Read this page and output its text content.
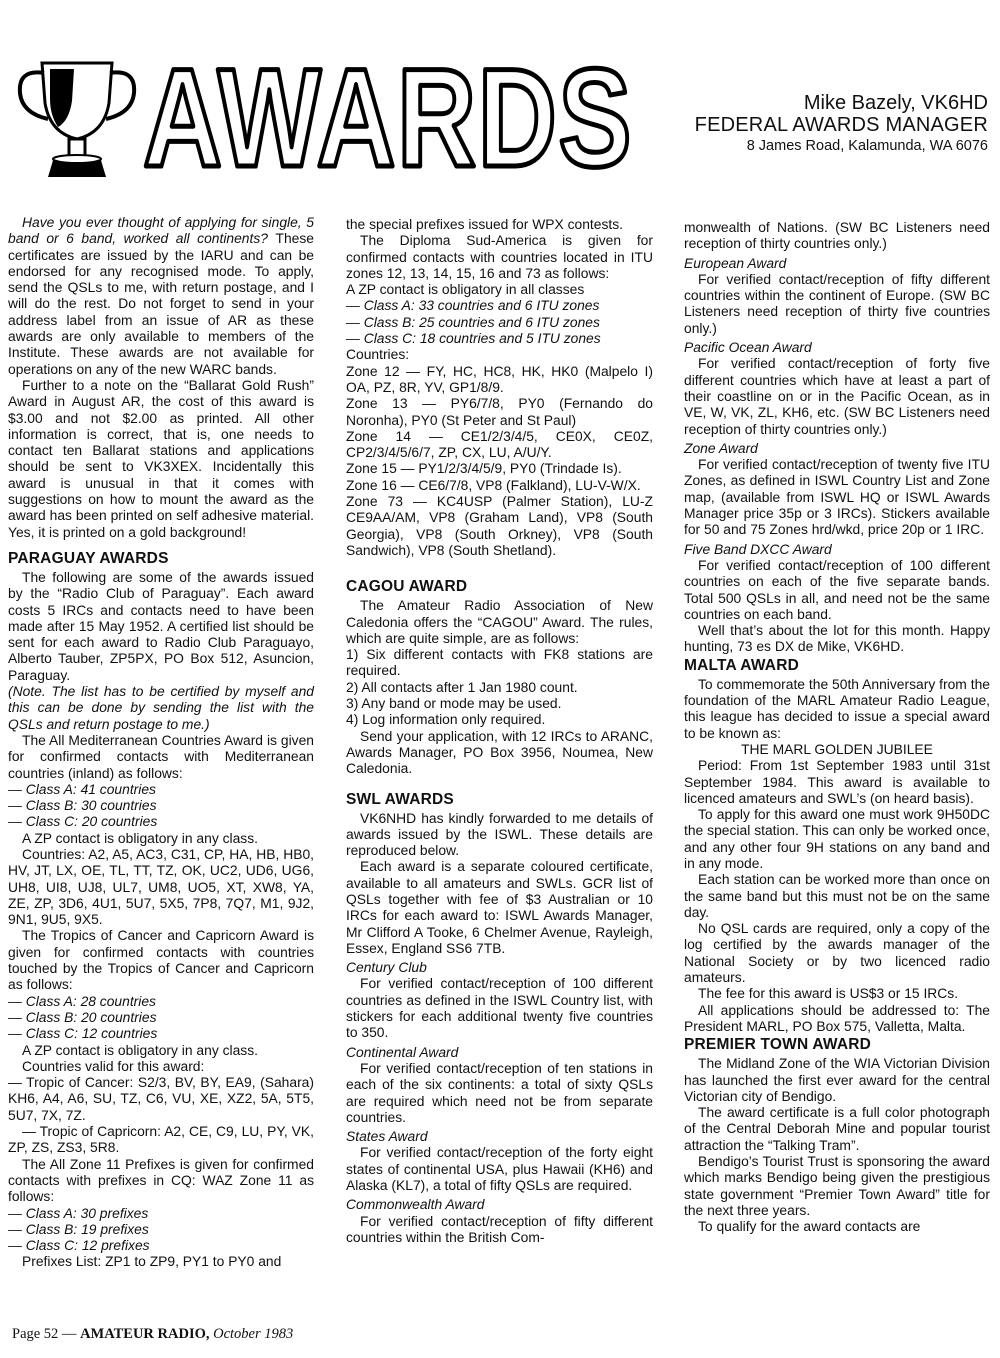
AWARDS	Mike Bazely, VK6HD
FEDERAL AWARDS MANAGER
8 James Road, Kalamunda, WA 6076

Have you ever thought of applying for single, 5 band or 6 band, worked all continents? These certificates are issued by the IARU and can be endorsed for any recognised mode. To apply, send the QSLs to me, with return postage, and I will do the rest. Do not forget to send in your address label from an issue of AR as these awards are only available to members of the Institute. These awards are not available for operations on any of the new WARC bands.

Further to a note on the “Ballarat Gold Rush” Award in August AR, the cost of this award is $3.00 and not $2.00 as printed. All other information is correct, that is, one needs to contact ten Ballarat stations and applications should be sent to VK3XEX. Incidentally this award is unusual in that it comes with suggestions on how to mount the award as the award has been printed on self adhesive material. Yes, it is printed on a gold background!

PARAGUAY AWARDS

The following are some of the awards issued by the “Radio Club of Paraguay”. Each award costs 5 IRCs and contacts need to have been made after 15 May 1952. A certified list should be sent for each award to Radio Club Paraguayo, Alberto Tauber, ZP5PX, PO Box 512, Asuncion, Paraguay.

(Note. The list has to be certified by myself and this can be done by sending the list with the QSLs and return postage to me.)

The All Mediterranean Countries Award is given for confirmed contacts with Mediterranean countries (inland) as follows:

— Class A: 41 countries

— Class B: 30 countries

— Class C: 20 countries

A ZP contact is obligatory in any class.

Countries: A2, A5, AC3, C31, CP, HA, HB, HB0, HV, JT, LX, OE, TL, TT, TZ, OK, UC2, UD6, UG6, UH8, UI8, UJ8, UL7, UM8, UO5, XT, XW8, YA, ZE, ZP, 3D6, 4U1, 5U7, 5X5, 7P8, 7Q7, M1, 9J2, 9N1, 9U5, 9X5.

The Tropics of Cancer and Capricorn Award is given for confirmed contacts with countries touched by the Tropics of Cancer and Capricorn as follows:

— Class A: 28 countries

— Class B: 20 countries

— Class C: 12 countries

A ZP contact is obligatory in any class.

Countries valid for this award:

— Tropic of Cancer: S2/3, BV, BY, EA9, (Sahara) KH6, A4, A6, SU, TZ, C6, VU, XE, XZ2, 5A, 5T5, 5U7, 7X, 7Z.

— Tropic of Capricorn: A2, CE, C9, LU, PY, VK, ZP, ZS, ZS3, 5R8.

The All Zone 11 Prefixes is given for confirmed contacts with prefixes in CQ: WAZ Zone 11 as follows:

— Class A: 30 prefixes

— Class B: 19 prefixes

— Class C: 12 prefixes

Prefixes List: ZP1 to ZP9, PY1 to PY0 and

the special prefixes issued for WPX contests.

The Diploma Sud-America is given for confirmed contacts with countries located in ITU zones 12, 13, 14, 15, 16 and 73 as follows:

A ZP contact is obligatory in all classes

— Class A: 33 countries and 6 ITU zones

— Class B: 25 countries and 6 ITU zones

— Class C: 18 countries and 5 ITU zones

Countries:

Zone 12 — FY, HC, HC8, HK, HK0 (Malpelo I) OA, PZ, 8R, YV, GP1/8/9.

Zone 13 — PY6/7/8, PY0 (Fernando do Noronha), PY0 (St Peter and St Paul)

Zone 14 — CE1/2/3/4/5, CE0X, CE0Z, CP2/3/4/5/6/7, ZP, CX, LU, A/U/Y.

Zone 15 — PY1/2/3/4/5/9, PY0 (Trindade Is).

Zone 16 — CE6/7/8, VP8 (Falkland), LU-V-W/X.

Zone 73 — KC4USP (Palmer Station), LU-Z CE9AA/AM, VP8 (Graham Land), VP8 (South Georgia), VP8 (South Orkney), VP8 (South Sandwich), VP8 (South Shetland).

CAGOU AWARD

The Amateur Radio Association of New Caledonia offers the “CAGOU” Award. The rules, which are quite simple, are as follows:

1) Six different contacts with FK8 stations are required.

2) All contacts after 1 Jan 1980 count.

3) Any band or mode may be used.

4) Log information only required.

Send your application, with 12 IRCs to ARANC, Awards Manager, PO Box 3956, Noumea, New Caledonia.

SWL AWARDS

VK6NHD has kindly forwarded to me details of awards issued by the ISWL. These details are reproduced below.

Each award is a separate coloured certificate, available to all amateurs and SWLs. GCR list of QSLs together with fee of $3 Australian or 10 IRCs for each award to: ISWL Awards Manager, Mr Clifford A Tooke, 6 Chelmer Avenue, Rayleigh, Essex, England SS6 7TB.

Century Club

For verified contact/reception of 100 different countries as defined in the ISWL Country list, with stickers for each additional twenty five countries to 350.

Continental Award

For verified contact/reception of ten stations in each of the six continents: a total of sixty QSLs are required which need not be from separate countries.

States Award

For verified contact/reception of the forty eight states of continental USA, plus Hawaii (KH6) and Alaska (KL7), a total of fifty QSLs are required.

Commonwealth Award

For verified contact/reception of fifty different countries within the British Com-

monwealth of Nations. (SW BC Listeners need reception of thirty countries only.)

European Award

For verified contact/reception of fifty different countries within the continent of Europe. (SW BC Listeners need reception of thirty five countries only.)

Pacific Ocean Award

For verified contact/reception of forty five different countries which have at least a part of their coastline on or in the Pacific Ocean, as in VE, W, VK, ZL, KH6, etc. (SW BC Listeners need reception of thirty countries only.)

Zone Award

For verified contact/reception of twenty five ITU Zones, as defined in ISWL Country List and Zone map, (available from ISWL HQ or ISWL Awards Manager price 35p or 3 IRCs). Stickers available for 50 and 75 Zones hrd/wkd, price 20p or 1 IRC.

Five Band DXCC Award

For verified contact/reception of 100 different countries on each of the five separate bands. Total 500 QSLs in all, and need not be the same countries on each band.

Well that’s about the lot for this month. Happy hunting, 73 es DX de Mike, VK6HD.

MALTA AWARD

To commemorate the 50th Anniversary from the foundation of the MARL Amateur Radio League, this league has decided to issue a special award to be known as:

THE MARL GOLDEN JUBILEE

Period: From 1st September 1983 until 31st September 1984. This award is available to licenced amateurs and SWL’s (on heard basis).

To apply for this award one must work 9H50DC the special station. This can only be worked once, and any other four 9H stations on any band and in any mode.

Each station can be worked more than once on the same band but this must not be on the same day.

No QSL cards are required, only a copy of the log certified by the awards manager of the National Society or by two licenced radio amateurs.

The fee for this award is US$3 or 15 IRCs.

All applications should be addressed to: The President MARL, PO Box 575, Valletta, Malta.

PREMIER TOWN AWARD

The Midland Zone of the WIA Victorian Division has launched the first ever award for the central Victorian city of Bendigo.

The award certificate is a full color photograph of the Central Deborah Mine and popular tourist attraction the “Talking Tram”.

Bendigo’s Tourist Trust is sponsoring the award which marks Bendigo being given the prestigious state government “Premier Town Award” title for the next three years.

To qualify for the award contacts are

Page 52 — AMATEUR RADIO, October 1983
